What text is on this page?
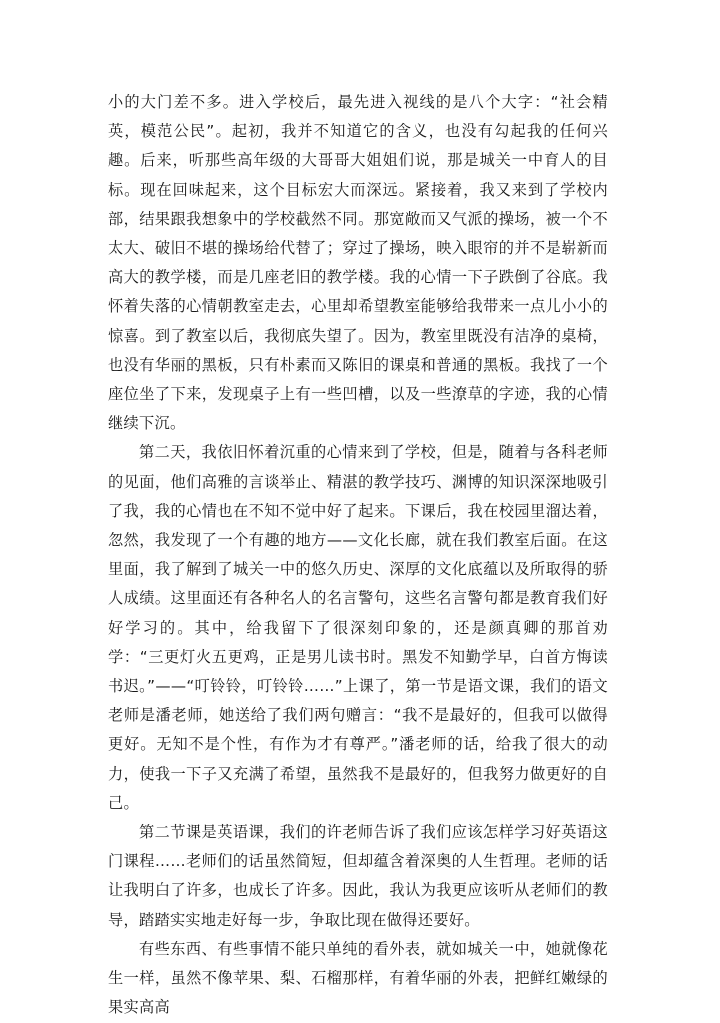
小的大门差不多。进入学校后，最先进入视线的是八个大字：“社会精英，模范公民”。起初，我并不知道它的含义，也没有勾起我的任何兴趣。后来，听那些高年级的大哥哥大姐姐们说，那是城关一中育人的目标。现在回味起来，这个目标宏大而深远。紧接着，我又来到了学校内部，结果跟我想象中的学校截然不同。那宽敞而又气派的操场，被一个不太大、破旧不堪的操场给代替了；穿过了操场，映入眼帘的并不是崭新而高大的教学楼，而是几座老旧的教学楼。我的心情一下子跌倒了谷底。我怀着失落的心情朝教室走去，心里却希望教室能够给我带来一点儿小小的惊喜。到了教室以后，我彻底失望了。因为，教室里既没有洁净的桌椅，也没有华丽的黑板，只有朴素而又陈旧的课桌和普通的黑板。我找了一个座位坐了下来，发现桌子上有一些凹槽，以及一些潦草的字迹，我的心情继续下沉。

第二天，我依旧怀着沉重的心情来到了学校，但是，随着与各科老师的见面，他们高雅的言谈举止、精湛的教学技巧、渊博的知识深深地吸引了我，我的心情也在不知不觉中好了起来。下课后，我在校园里溜达着，忽然，我发现了一个有趣的地方——文化长廊，就在我们教室后面。在这里面，我了解到了城关一中的悠久历史、深厚的文化底蕴以及所取得的骄人成绩。这里面还有各种名人的名言警句，这些名言警句都是教育我们好好学习的。其中，给我留下了很深刻印象的，还是颜真卿的那首劝学：“三更灯火五更鸡，正是男儿读书时。黑发不知勤学早，白首方悔读书迟。”——“叮铃铃，叮铃铃……”上课了，第一节是语文课，我们的语文老师是潘老师，她送给了我们两句赠言：“我不是最好的，但我可以做得更好。无知不是个性，有作为才有尊严。”潘老师的话，给我了很大的动力，使我一下子又充满了希望，虽然我不是最好的，但我努力做更好的自己。

第二节课是英语课，我们的许老师告诉了我们应该怎样学习好英语这门课程……老师们的话虽然简短，但却蕴含着深奥的人生哲理。老师的话让我明白了许多，也成长了许多。因此，我认为我更应该听从老师们的教导，踏踏实实地走好每一步，争取比现在做得还要好。

有些东西、有些事情不能只单纯的看外表，就如城关一中，她就像花生一样，虽然不像苹果、梨、石榴那样，有着华丽的外表，把鲜红嫩绿的果实高高
